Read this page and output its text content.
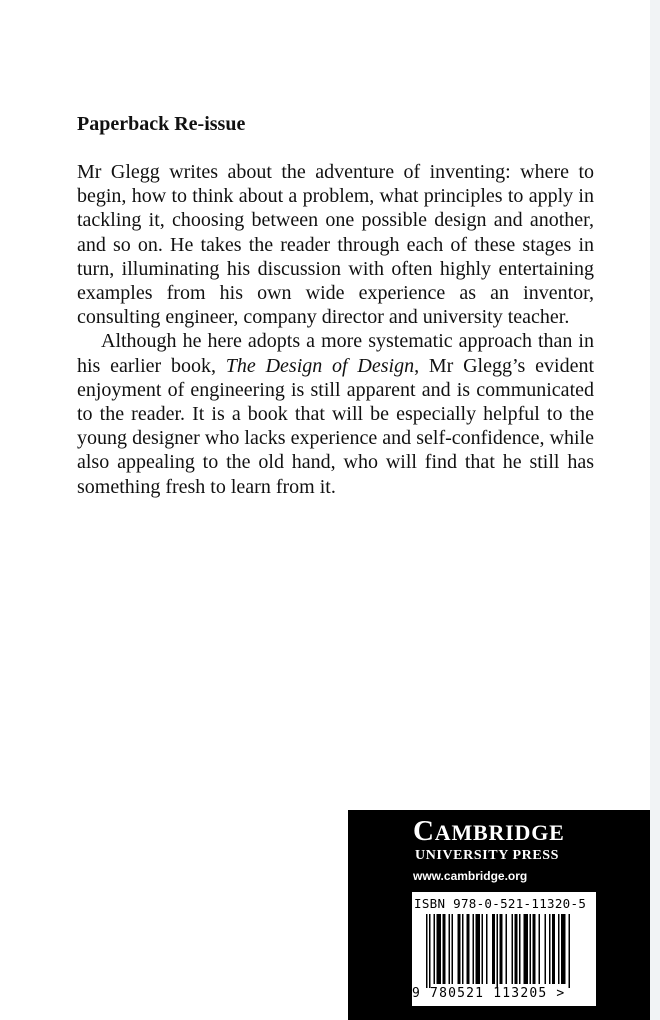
Paperback Re-issue

Mr Glegg writes about the adventure of inventing: where to begin, how to think about a problem, what principles to apply in tackling it, choosing between one possible design and another, and so on. He takes the reader through each of these stages in turn, illuminating his discussion with often highly entertaining examples from his own wide experience as an inventor, consulting engineer, company director and university teacher.

Although he here adopts a more systematic approach than in his earlier book, The Design of Design, Mr Glegg’s evident enjoyment of engineering is still apparent and is communicated to the reader. It is a book that will be especially helpful to the young designer who lacks experience and self-confidence, while also appealing to the old hand, who will find that he still has something fresh to learn from it.

CAMBRIDGE
UNIVERSITY PRESS
www.cambridge.org
ISBN 978-0-521-11320-5
9 780521 113205 >
